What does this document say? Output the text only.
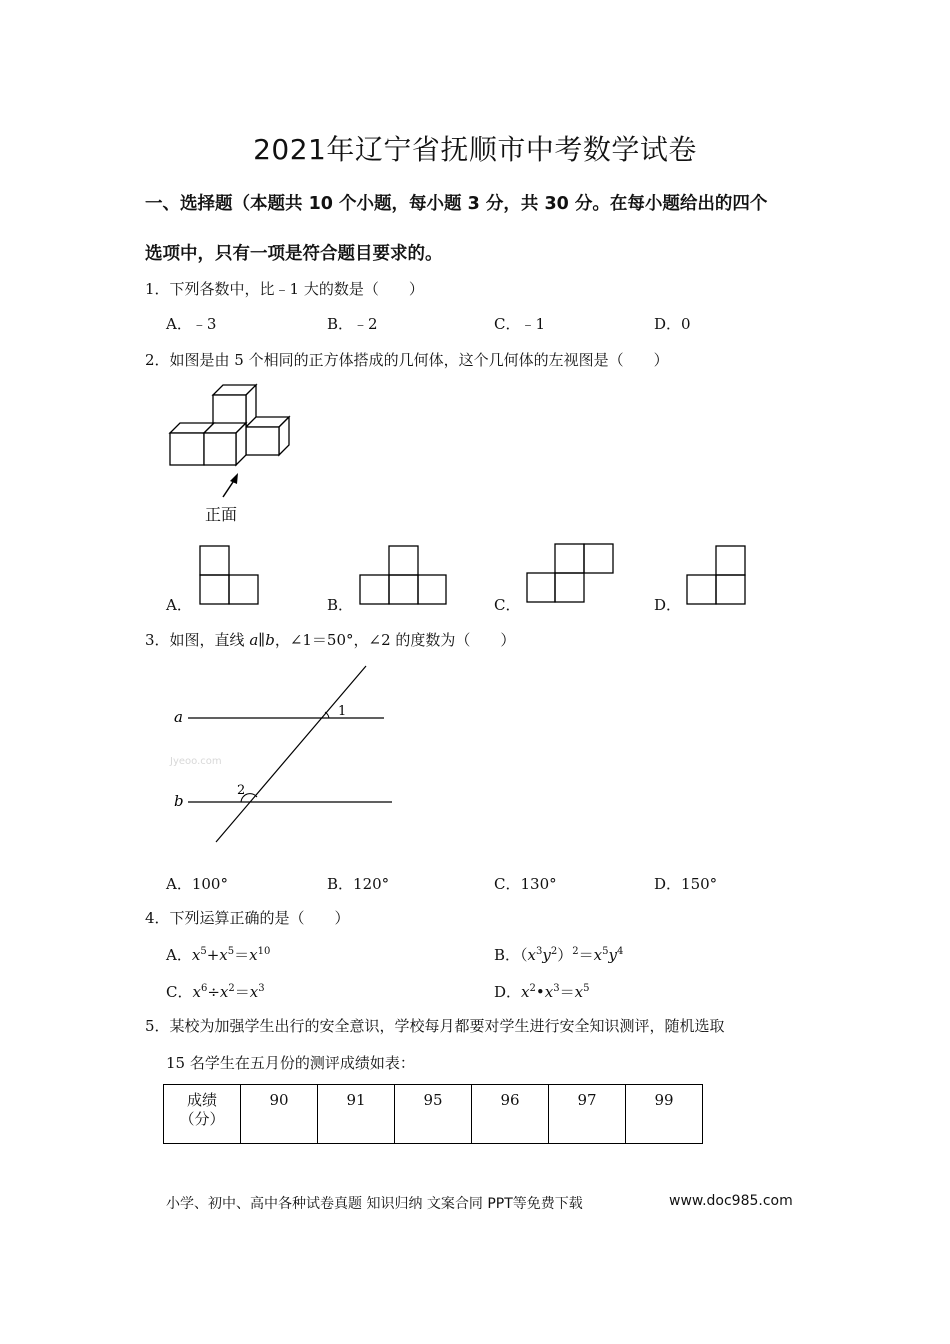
2021年辽宁省抚顺市中考数学试卷
一、选择题（本题共 10 个小题，每小题 3 分，共 30 分。在每小题给出的四个
选项中，只有一项是符合题目要求的。
1．下列各数中，比﹣1 大的数是（　　）
A．﹣3	B．﹣2	C．﹣1	D．0
2．如图是由 5 个相同的正方体搭成的几何体，这个几何体的左视图是（　　）
正面
A．	B．	C．	D．
3．如图，直线 a∥b，∠1＝50°，∠2 的度数为（　　）
a
b
1
2
Jyeoo.com
A．100°	B．120°	C．130°	D．150°
4．下列运算正确的是（　　）
A．$x^5+x^5=x^{10}$	B．$(x^3y^2)^2=x^5y^4$
C．$x^6\div x^2=x^3$	D．$x^2•x^3=x^5$
5．某校为加强学生出行的安全意识，学校每月都要对学生进行安全知识测评，随机选取
15 名学生在五月份的测评成绩如表：
成绩
（分）
	90	91	95	96	97	99
小学、初中、高中各种试卷真题 知识归纳 文案合同 PPT等免费下载	www.doc985.com
